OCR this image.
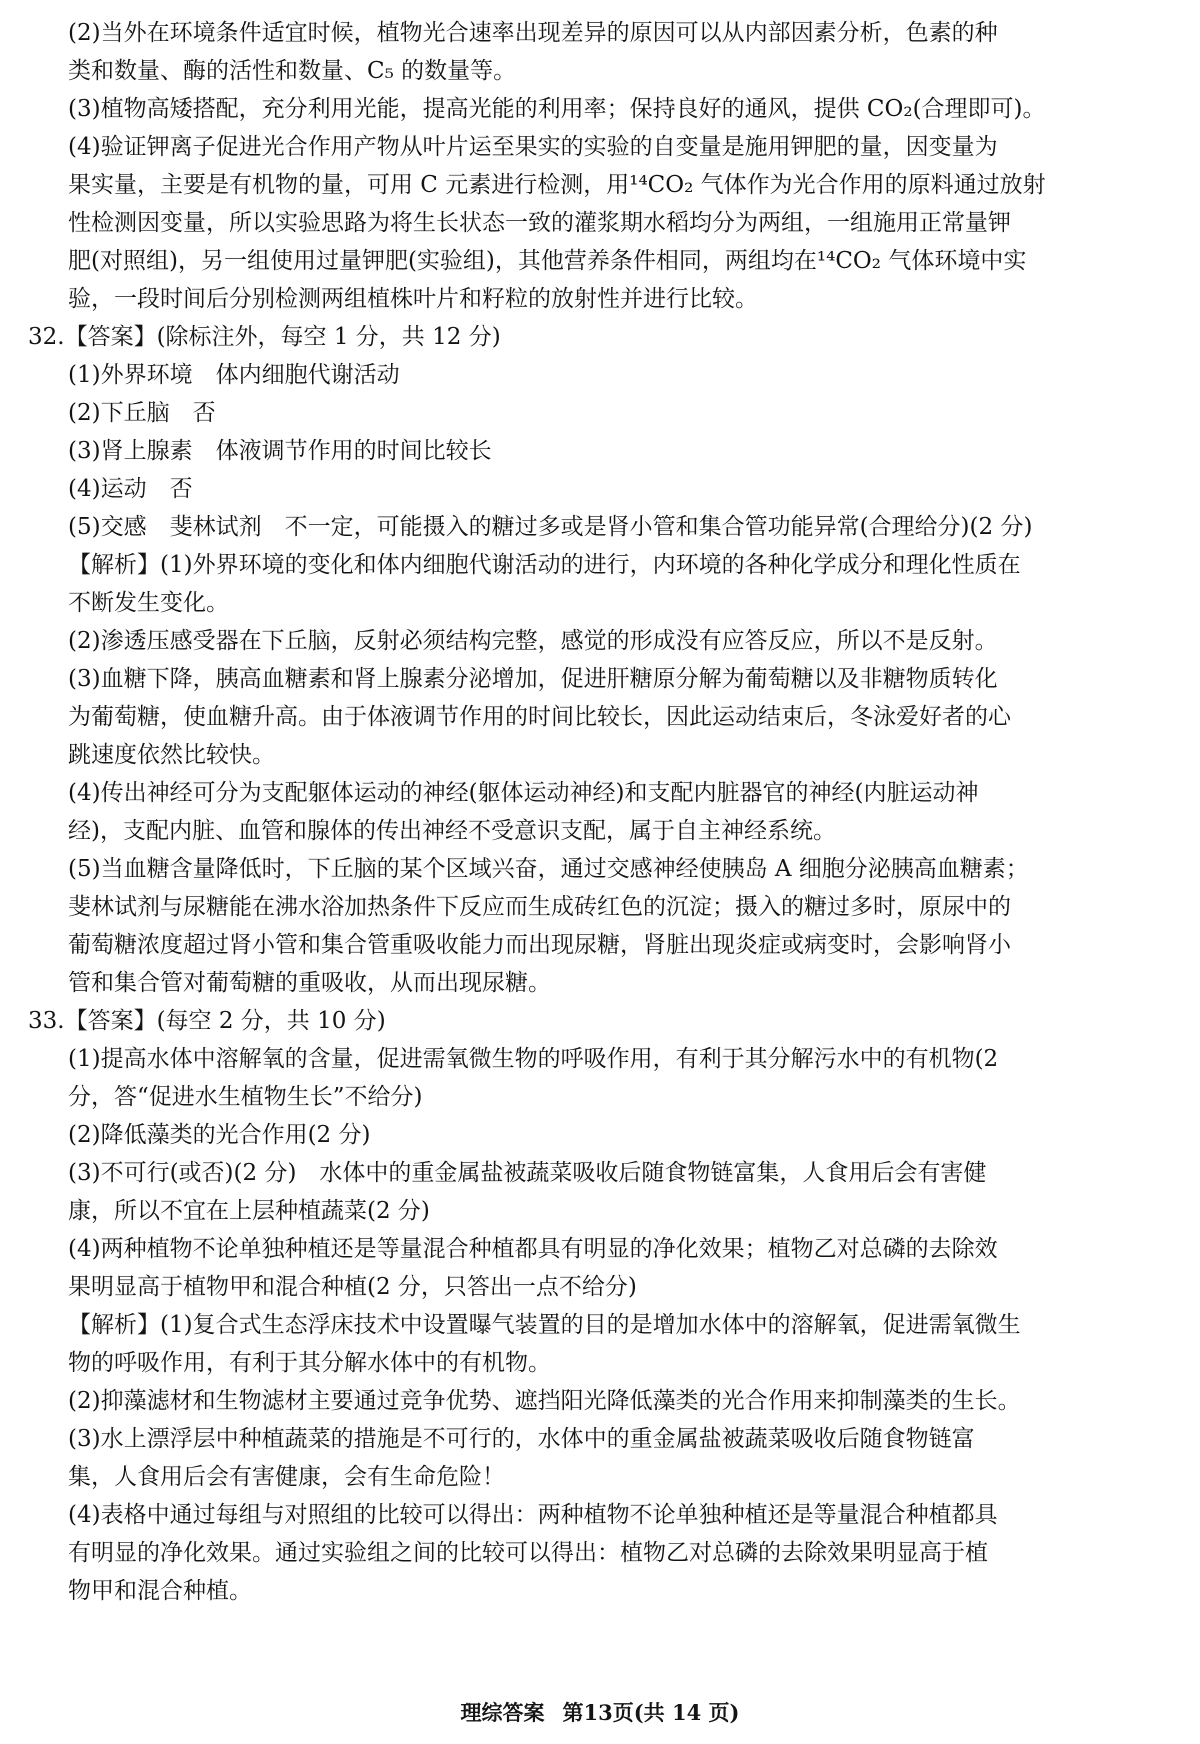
(2)当外在环境条件适宜时候，植物光合速率出现差异的原因可以从内部因素分析，色素的种
类和数量、酶的活性和数量、C₅ 的数量等。
(3)植物高矮搭配，充分利用光能，提高光能的利用率；保持良好的通风，提供 CO₂(合理即可)。
(4)验证钾离子促进光合作用产物从叶片运至果实的实验的自变量是施用钾肥的量，因变量为
果实量，主要是有机物的量，可用 C 元素进行检测，用¹⁴CO₂ 气体作为光合作用的原料通过放射
性检测因变量，所以实验思路为将生长状态一致的灌浆期水稻均分为两组，一组施用正常量钾
肥(对照组)，另一组使用过量钾肥(实验组)，其他营养条件相同，两组均在¹⁴CO₂ 气体环境中实
验，一段时间后分别检测两组植株叶片和籽粒的放射性并进行比较。
32.【答案】(除标注外，每空 1 分，共 12 分)
(1)外界环境　体内细胞代谢活动
(2)下丘脑　否
(3)肾上腺素　体液调节作用的时间比较长
(4)运动　否
(5)交感　斐林试剂　不一定，可能摄入的糖过多或是肾小管和集合管功能异常(合理给分)(2 分)
【解析】(1)外界环境的变化和体内细胞代谢活动的进行，内环境的各种化学成分和理化性质在
不断发生变化。
(2)渗透压感受器在下丘脑，反射必须结构完整，感觉的形成没有应答反应，所以不是反射。
(3)血糖下降，胰高血糖素和肾上腺素分泌增加，促进肝糖原分解为葡萄糖以及非糖物质转化
为葡萄糖，使血糖升高。由于体液调节作用的时间比较长，因此运动结束后，冬泳爱好者的心
跳速度依然比较快。
(4)传出神经可分为支配躯体运动的神经(躯体运动神经)和支配内脏器官的神经(内脏运动神
经)，支配内脏、血管和腺体的传出神经不受意识支配，属于自主神经系统。
(5)当血糖含量降低时，下丘脑的某个区域兴奋，通过交感神经使胰岛 A 细胞分泌胰高血糖素；
斐林试剂与尿糖能在沸水浴加热条件下反应而生成砖红色的沉淀；摄入的糖过多时，原尿中的
葡萄糖浓度超过肾小管和集合管重吸收能力而出现尿糖，肾脏出现炎症或病变时，会影响肾小
管和集合管对葡萄糖的重吸收，从而出现尿糖。
33.【答案】(每空 2 分，共 10 分)
(1)提高水体中溶解氧的含量，促进需氧微生物的呼吸作用，有利于其分解污水中的有机物(2
分，答“促进水生植物生长”不给分)
(2)降低藻类的光合作用(2 分)
(3)不可行(或否)(2 分)　水体中的重金属盐被蔬菜吸收后随食物链富集，人食用后会有害健
康，所以不宜在上层种植蔬菜(2 分)
(4)两种植物不论单独种植还是等量混合种植都具有明显的净化效果；植物乙对总磷的去除效
果明显高于植物甲和混合种植(2 分，只答出一点不给分)
【解析】(1)复合式生态浮床技术中设置曝气装置的目的是增加水体中的溶解氧，促进需氧微生
物的呼吸作用，有利于其分解水体中的有机物。
(2)抑藻滤材和生物滤材主要通过竞争优势、遮挡阳光降低藻类的光合作用来抑制藻类的生长。
(3)水上漂浮层中种植蔬菜的措施是不可行的，水体中的重金属盐被蔬菜吸收后随食物链富
集，人食用后会有害健康，会有生命危险！
(4)表格中通过每组与对照组的比较可以得出：两种植物不论单独种植还是等量混合种植都具
有明显的净化效果。通过实验组之间的比较可以得出：植物乙对总磷的去除效果明显高于植
物甲和混合种植。
理综答案 第13页(共 14 页)
